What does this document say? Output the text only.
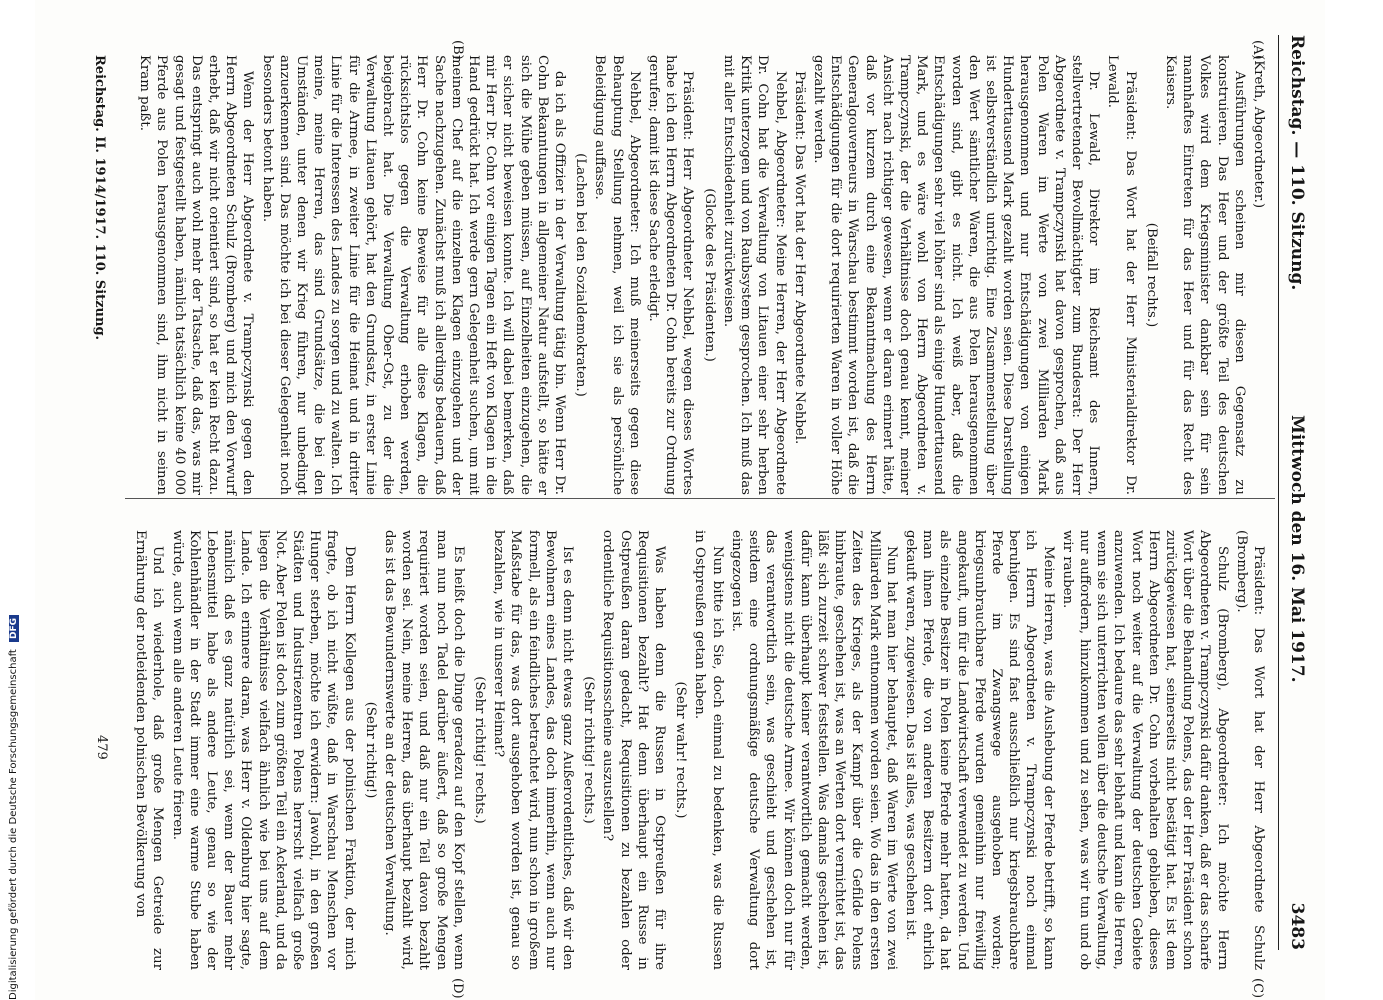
Reichstag. — 110. Sitzung.
Mittwoch den 16. Mai 1917.
3483
(A)
(B)
(C)
(D)

(Kreth, Abgeordneter.)

Ausführungen scheinen mir diesen Gegensatz zu konstruieren. Das Heer und der größte Teil des deutschen Volkes wird dem Kriegsminister dankbar sein für sein mannhaftes Eintreten für das Heer und für das Recht des Kaisers.

(Beifall rechts.)

Präsident: Das Wort hat der Herr Ministerialdirektor Dr. Lewald.

Dr. Lewald, Direktor im Reichsamt des Innern, stellvertretender Bevollmächtigter zum Bundesrat: Der Herr Abgeordnete v. Trampczynski hat davon gesprochen, daß aus Polen Waren im Werte von zwei Milliarden Mark herausgenommen und nur Entschädigungen von einigen Hunderttausend Mark gezahlt worden seien. Diese Darstellung ist selbstverständlich unrichtig. Eine Zusammenstellung über den Wert sämtlicher Waren, die aus Polen herausgenommen worden sind, gibt es nicht. Ich weiß aber, daß die Entschädigungen sehr viel höher sind als einige Hunderttausend Mark, und es wäre wohl von Herrn Abgeordneten v. Trampczynski, der die Verhältnisse doch genau kennt, meiner Ansicht nach richtiger gewesen, wenn er daran erinnert hätte, daß vor kurzem durch eine Bekanntmachung des Herrn Generalgouverneurs in Warschau bestimmt worden ist, daß die Entschädigungen für die dort requirierten Waren in voller Höhe gezahlt werden.

Präsident: Das Wort hat der Herr Abgeordnete Nehbel.

Nehbel, Abgeordneter: Meine Herren, der Herr Abgeordnete Dr. Cohn hat die Verwaltung von Litauen einer sehr herben Kritik unterzogen und von Raubsystem gesprochen. Ich muß das mit aller Entschiedenheit zurückweisen.

(Glocke des Präsidenten.)

Präsident: Herr Abgeordneter Nehbel, wegen dieses Wortes habe ich den Herrn Abgeordneten Dr. Cohn bereits zur Ordnung gerufen; damit ist diese Sache erledigt.

Nehbel, Abgeordneter: Ich muß meinerseits gegen diese Behauptung Stellung nehmen, weil ich sie als persönliche Beleidigung auffasse.

(Lachen bei den Sozialdemokraten.)

da ich als Offizier in der Verwaltung tätig bin. Wenn Herr Dr. Cohn Bekanntungen in allgemeiner Natur aufstellt, so hätte er sich die Mühe geben müssen, auf Einzelheiten einzugehen, die er sicher nicht beweisen konnte. Ich will dabei bemerken, daß mir Herr Dr. Cohn vor einigen Tagen ein Heft von Klagen in die Hand gedrückt hat. Ich werde gern Gelegenheit suchen, um mit meinem Chef auf die einzelnen Klagen einzugehen und der Sache nachzugehen. Zunächst muß ich allerdings bedauern, daß Herr Dr. Cohn keine Beweise für alle diese Klagen, die rücksichtslos gegen die Verwaltung erhoben werden, beigebracht hat. Die Verwaltung Ober-Ost, zu der die Verwaltung Litauen gehört, hat den Grundsatz, in erster Linie für die Armee, in zweiter Linie für die Heimat und in dritter Linie für die Interessen des Landes zu sorgen und zu walten. Ich meine, meine Herren, das sind Grundsätze, die bei den Umständen, unter denen wir Krieg führen, nur unbedingt anzuerkennen sind. Das möchte ich bei dieser Gelegenheit noch besonders betont haben.

Wenn der Herr Abgeordnete v. Trampczynski gegen den Herrn Abgeordneten Schulz (Bromberg) und mich den Vorwurf erhebt, daß wir nicht orientiert sind, so hat er kein Recht dazu. Das entspringt auch wohl mehr der Tatsache, daß das, was mir gesagt und festgestellt haben, nämlich tatsächlich keine 40 000 Pferde aus Polen herausgenommen sind, ihm nicht in seinen Kram paßt.

Präsident: Das Wort hat der Herr Abgeordnete Schulz (Bromberg).

Schulz (Bromberg), Abgeordneter: Ich möchte Herrn Abgeordneten v. Trampczynski dafür danken, daß er das scharfe Wort über die Behandlung Polens, das der Herr Präsident schon zurückgewiesen hat, seinerseits nicht bestätigt hat. Es ist dem Herrn Abgeordneten Dr. Cohn vorbehalten geblieben, dieses Wort noch weiter auf die Verwaltung der deutschen Gebiete anzuwenden. Ich bedaure das sehr lebhaft und kann die Herren, wenn sie sich unterrichten wollen über die deutsche Verwaltung, nur auffordern, hinzukommen und zu sehen, was wir tun und ob wir rauben.

Meine Herren, was die Aushebung der Pferde betrifft, so kann ich Herrn Abgeordneten v. Trampczynski noch einmal beruhigen. Es sind fast ausschließlich nur kriegsbrauchbare Pferde im Zwangswege ausgehoben worden; kriegsunbrauchbare Pferde wurden gemeinhin nur freiwillig angekauft, um für die Landwirtschaft verwendet zu werden. Und als einzelne Besitzer in Polen keine Pferde mehr hatten, da hat man ihnen Pferde, die von anderen Besitzern dort ehrlich gekauft waren, zugewiesen. Das ist alles, was geschehen ist.

Nun hat man hier behauptet, daß Waren im Werte von zwei Milliarden Mark entnommen worden seien. Wo das in den ersten Zeiten des Krieges, als der Kampf über die Gefilde Polens hinbraute, geschehen ist, was an Werten dort vernichtet ist, das läßt sich zurzeit schwer feststellen. Was damals geschehen ist, dafür kann überhaupt keiner verantwortlich gemacht werden, wenigstens nicht die deutsche Armee. Wir können doch nur für das verantwortlich sein, was geschieht und geschehen ist, seitdem eine ordnungsmäßige deutsche Verwaltung dort eingezogen ist.

Nun bitte ich Sie, doch einmal zu bedenken, was die Russen in Ostpreußen getan haben.

(Sehr wahr! rechts.)

Was haben denn die Russen in Ostpreußen für ihre Requisitionen bezahlt? Hat denn überhaupt ein Russe in Ostpreußen daran gedacht, Requisitionen zu bezahlen oder ordentliche Requisitionsscheine auszustellen?

(Sehr richtig! rechts.)

Ist es denn nicht etwas ganz Außerordentliches, daß wir den Bewohnern eines Landes, das doch immerhin, wenn auch nur formell, als ein feindliches betrachtet wird, nun schon in großem Maßstabe für das, was dort ausgehoben worden ist, genau so bezahlen, wie in unserer Heimat?

(Sehr richtig! rechts.)

Es heißt doch die Dinge geradezu auf den Kopf stellen, wenn man nun noch Tadel darüber äußert, daß so große Mengen requiriert worden seien, und daß nur ein Teil davon bezahlt worden sei. Nein, meine Herren, das überhaupt bezahlt wird, das ist das Bewundernswerte an der deutschen Verwaltung.

(Sehr richtig!)

Dem Herrn Kollegen aus der polnischen Fraktion, der mich fragte, ob ich nicht wüßte, daß in Warschau Menschen vor Hunger sterben, möchte ich erwidern: Jawohl, in den großen Städten und Industriezentren Polens herrscht vielfach große Not. Aber Polen ist doch zum größten Teil ein Ackerland, und da liegen die Verhältnisse vielfach ähnlich wie bei uns auf dem Lande. Ich erinnere daran, was Herr v. Oldenburg hier sagte, nämlich daß es ganz natürlich sei, wenn der Bauer mehr Lebensmittel habe als andere Leute, genau so wie der Kohlenhändler in der Stadt immer eine warme Stube haben würde, auch wenn alle anderen Leute frieren.

Und ich wiederhole, daß große Mengen Getreide zur Ernährung der notleidenden polnischen Bevölkerung von

Reichstag. II. 1914/1917. 110. Sitzung.
479
Digitalisierung gefördert durch die Deutsche Forschungsgemeinschaft DFG
